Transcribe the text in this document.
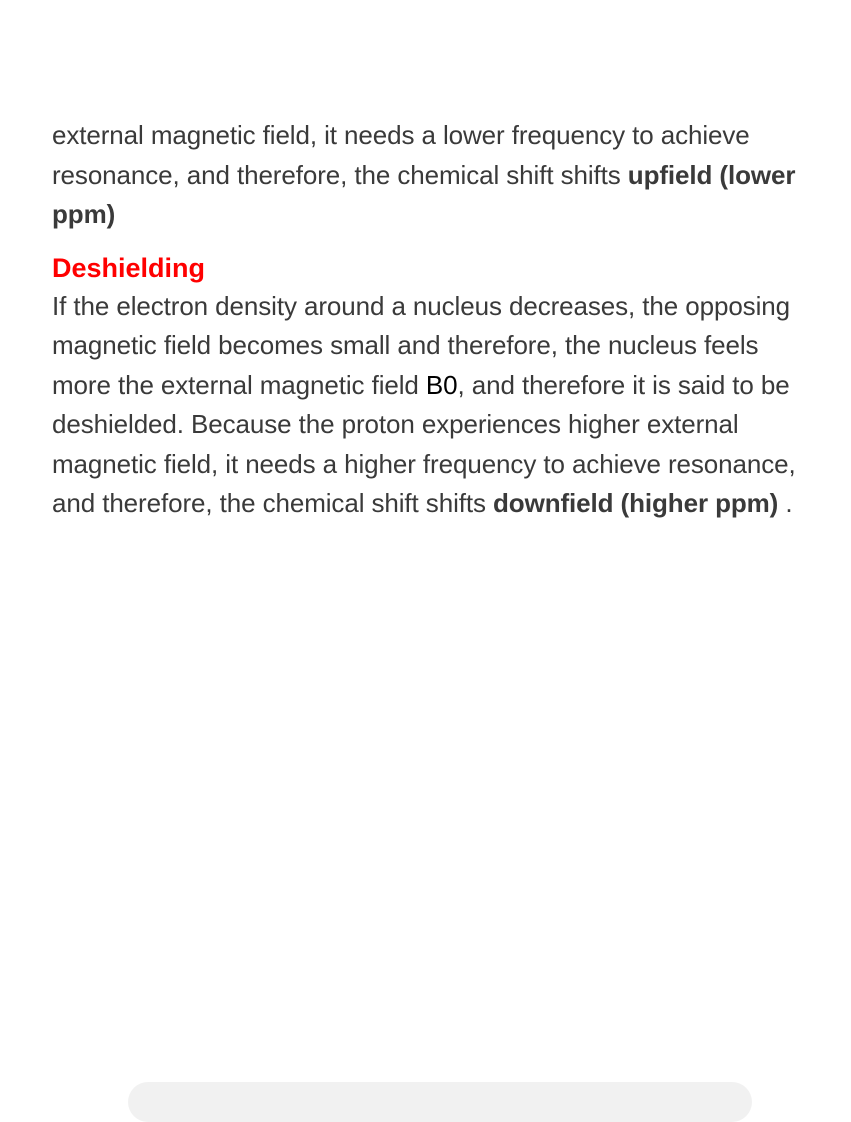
external magnetic field, it needs a lower frequency to achieve resonance, and therefore, the chemical shift shifts upfield (lower ppm)

Deshielding

If the electron density around a nucleus decreases, the opposing magnetic field becomes small and therefore, the nucleus feels more the external magnetic field B0, and therefore it is said to be deshielded. Because the proton experiences higher external magnetic field, it needs a higher frequency to achieve resonance, and therefore, the chemical shift shifts downfield (higher ppm) .
